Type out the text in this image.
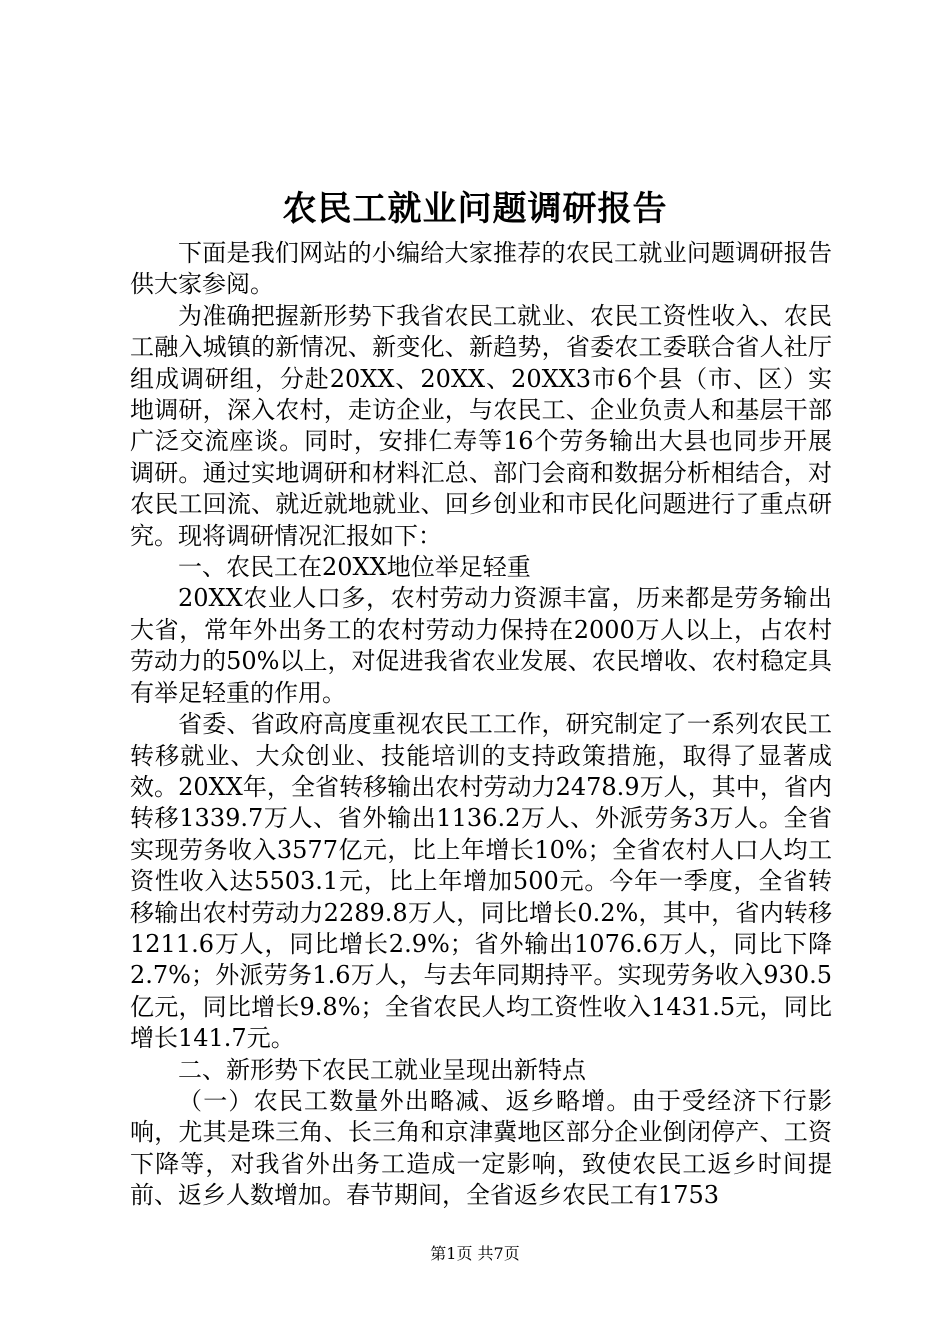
农民工就业问题调研报告

下面是我们网站的小编给大家推荐的农民工就业问题调研报告供大家参阅。

为准确把握新形势下我省农民工就业、农民工资性收入、农民工融入城镇的新情况、新变化、新趋势，省委农工委联合省人社厅组成调研组，分赴20XX、20XX、20XX3市6个县（市、区）实地调研，深入农村，走访企业，与农民工、企业负责人和基层干部广泛交流座谈。同时，安排仁寿等16个劳务输出大县也同步开展调研。通过实地调研和材料汇总、部门会商和数据分析相结合，对农民工回流、就近就地就业、回乡创业和市民化问题进行了重点研究。现将调研情况汇报如下：

一、农民工在20XX地位举足轻重

20XX农业人口多，农村劳动力资源丰富，历来都是劳务输出大省，常年外出务工的农村劳动力保持在2000万人以上，占农村劳动力的50%以上，对促进我省农业发展、农民增收、农村稳定具有举足轻重的作用。

省委、省政府高度重视农民工工作，研究制定了一系列农民工转移就业、大众创业、技能培训的支持政策措施，取得了显著成效。20XX年，全省转移输出农村劳动力2478.9万人，其中，省内转移1339.7万人、省外输出1136.2万人、外派劳务3万人。全省实现劳务收入3577亿元，比上年增长10%；全省农村人口人均工资性收入达5503.1元，比上年增加500元。今年一季度，全省转移输出农村劳动力2289.8万人，同比增长0.2%，其中，省内转移1211.6万人，同比增长2.9%；省外输出1076.6万人，同比下降2.7%；外派劳务1.6万人，与去年同期持平。实现劳务收入930.5亿元，同比增长9.8%；全省农民人均工资性收入1431.5元，同比增长141.7元。

二、新形势下农民工就业呈现出新特点

（一）农民工数量外出略减、返乡略增。由于受经济下行影响，尤其是珠三角、长三角和京津冀地区部分企业倒闭停产、工资下降等，对我省外出务工造成一定影响，致使农民工返乡时间提前、返乡人数增加。春节期间，全省返乡农民工有1753

第1页 共7页
